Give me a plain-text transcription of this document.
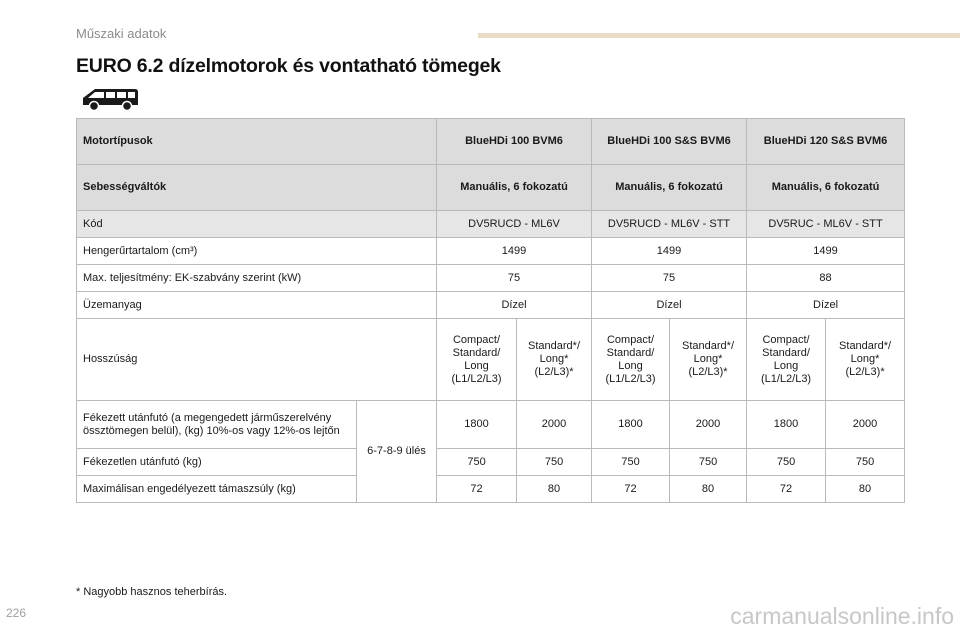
Műszaki adatok
EURO 6.2 dízelmotorok és vontatható tömegek
Motortípusok		BlueHDi 100 BVM6		BlueHDi 100 S&S BVM6		BlueHDi 120 S&S BVM6	
Sebességváltók		Manuális, 6 fokozatú		Manuális, 6 fokozatú		Manuális, 6 fokozatú	
Kód		DV5RUCD - ML6V		DV5RUCD - ML6V - STT		DV5RUC - ML6V - STT	
Hengerűrtartalom (cm³)		1499		1499		1499	
Max. teljesítmény: EK-szabvány szerint (kW)		75		75		88	
Üzemanyag		Dízel		Dízel		Dízel	
Hosszúság		Compact/ Standard/ Long (L1/L2/L3)	Standard*/ Long* (L2/L3)*	Compact/ Standard/ Long (L1/L2/L3)	Standard*/ Long* (L2/L3)*	Compact/ Standard/ Long (L1/L2/L3)	Standard*/ Long* (L2/L3)*
Fékezett utánfutó (a megengedett járműszerelvény össztömegen belül), (kg) 10%-os vagy 12%-os lejtőn	6-7-8-9 ülés	1800	2000	1800	2000	1800	2000
Fékezetlen utánfutó (kg)		750	750	750	750	750	750
Maximálisan engedélyezett támaszsúly (kg)		72	80	72	80	72	80
* Nagyobb hasznos teherbírás.
226	carmanualsonline.info
